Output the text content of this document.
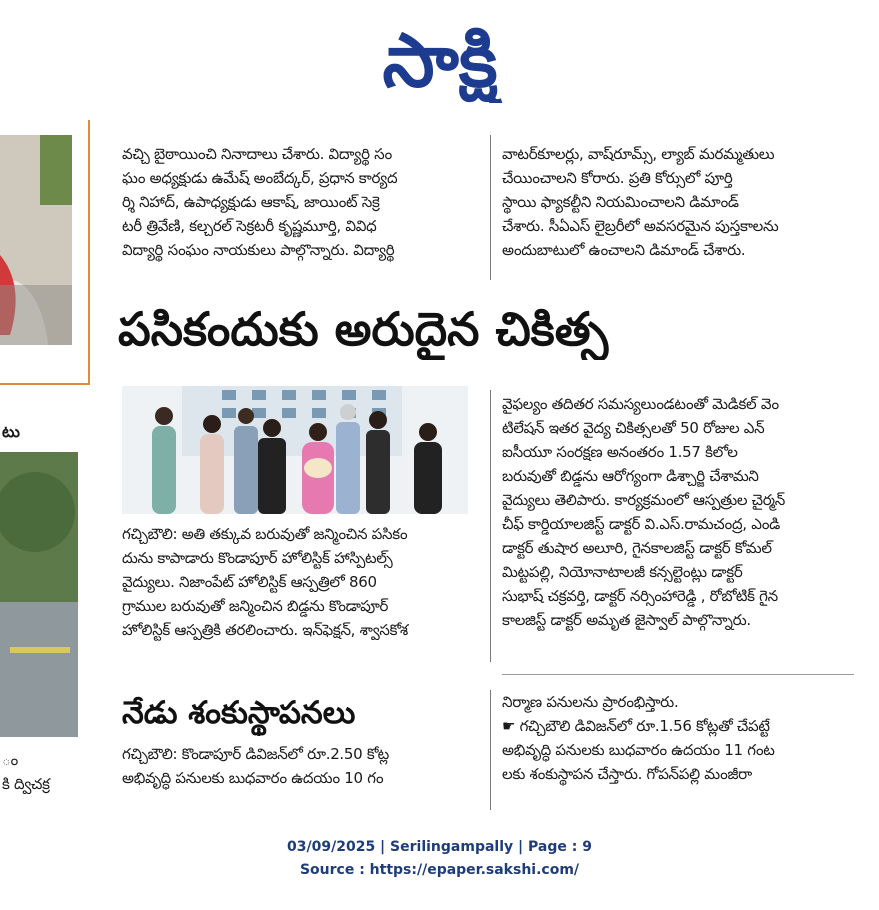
సాక్షి
టు
ం
కి ద్విచక్ర

వచ్చి బైఠాయించి నినాదాలు చేశారు. విద్యార్థి సం

ఘం అధ్యక్షుడు ఉమేష్ అంబేద్కర్, ప్రధాన కార్యద

ర్శి నిహాద్, ఉపాధ్యక్షుడు ఆకాష్, జాయింట్ సెక్రె

టరీ త్రివేణి, కల్చరల్ సెక్రటరీ కృష్ణమూర్తి, వివిధ

విద్యార్థి సంఘం నాయకులు పాల్గొన్నారు. విద్యార్థి

వాటర్‌కూలర్లు, వాష్‌రూమ్స్, ల్యాబ్ మరమ్మతులు

చేయించాలని కోరారు. ప్రతి కోర్సులో పూర్తి

స్థాయి ఫ్యాకల్టీని నియమించాలని డిమాండ్

చేశారు. సీఏఎస్ లైబ్రరీలో అవసరమైన పుస్తకాలను

అందుబాటులో ఉంచాలని డిమాండ్ చేశారు.

పసికందుకు అరుదైన చికిత్స

గచ్చిబౌలి: అతి తక్కువ బరువుతో జన్మించిన పసికం

దును కాపాడారు కొండాపూర్ హోలిస్టిక్ హాస్పిటల్స్

వైద్యులు. నిజాంపేట్ హోలిస్టిక్ ఆస్పత్రిలో 860

గ్రాముల బరువుతో జన్మించిన బిడ్డను కొండాపూర్

హోలిస్టిక్ ఆస్పత్రికి తరలించారు. ఇన్‌ఫెక్షన్, శ్వాసకోశ

వైఫల్యం తదితర సమస్యలుండటంతో మెడికల్ వెం

టిలేషన్ ఇతర వైద్య చికిత్సలతో 50 రోజుల ఎన్

ఐసీయూ సంరక్షణ అనంతరం 1.57 కిలోల

బరువుతో బిడ్డను ఆరోగ్యంగా డిశ్చార్జి చేశామని

వైద్యులు తెలిపారు. కార్యక్రమంలో ఆస్పత్రుల చైర్మన్

చీఫ్ కార్డియాలజిస్ట్ డాక్టర్ వి.ఎస్.రామచంద్ర, ఎండి

డాక్టర్ తుషార అలూరి, గైనకాలజిస్ట్ డాక్టర్ కోమల్

మిట్టపల్లి, నియోనాటాలజీ కన్సల్టెంట్లు డాక్టర్

సుభాష్ చక్రవర్తి, డాక్టర్ నర్సింహారెడ్డి , రోబోటిక్ గైన

కాలజిస్ట్ డాక్టర్ అమృత జైస్వాల్ పాల్గొన్నారు.

నేడు శంకుస్థాపనలు

గచ్చిబౌలి: కొండాపూర్ డివిజన్‌లో రూ.2.50 కోట్ల

అభివృద్ధి పనులకు బుధవారం ఉదయం 10 గం

నిర్మాణ పనులను ప్రారంభిస్తారు.

☛ గచ్చిబౌలి డివిజన్‌లో రూ.1.56 కోట్లతో చేపట్టే

అభివృద్ధి పనులకు బుధవారం ఉదయం 11 గంట

లకు శంకుస్థాపన చేస్తారు. గోపన్‌పల్లి మంజీరా

03/09/2025 | Serilingampally | Page : 9
Source : https://epaper.sakshi.com/
